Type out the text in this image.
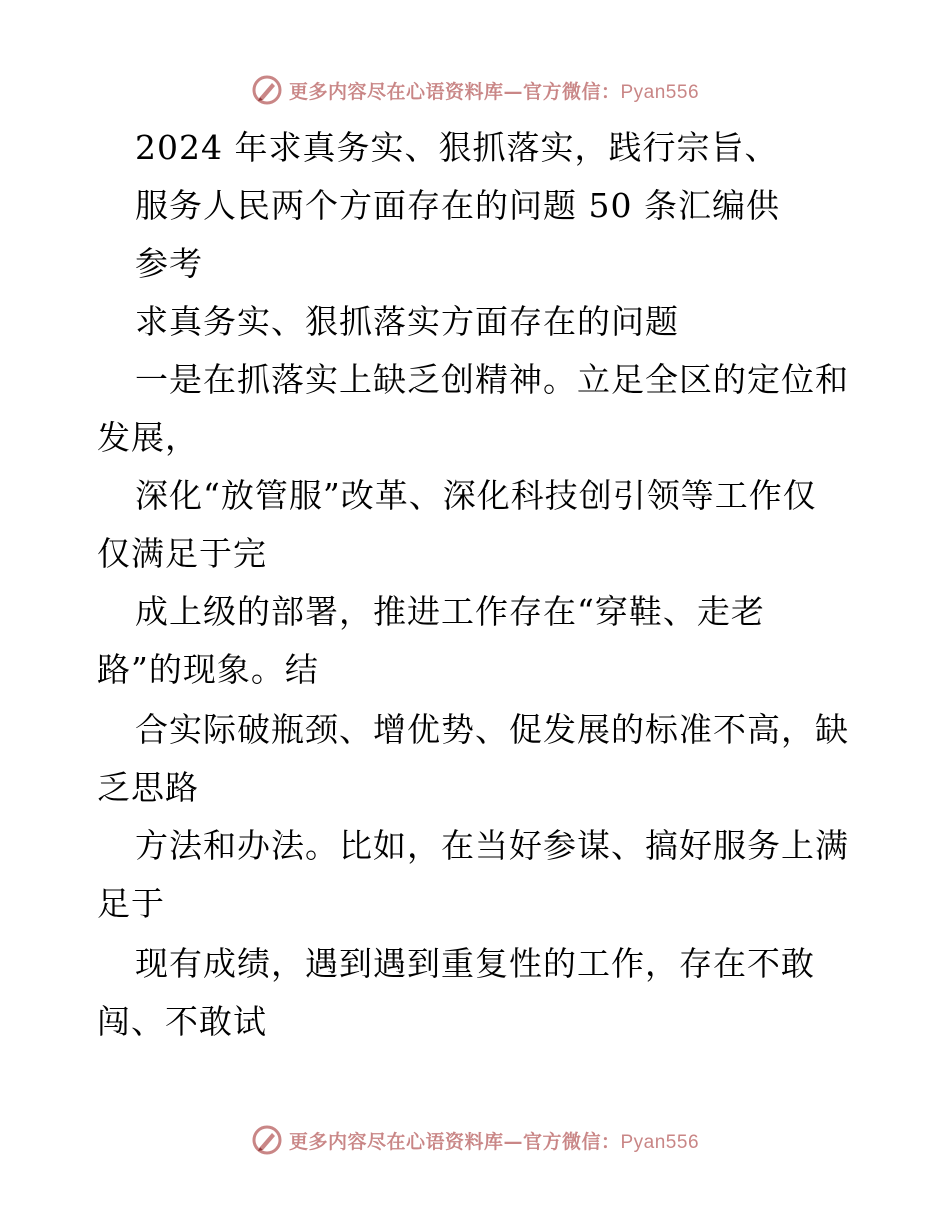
更多内容尽在心语资料库—官方微信：Pyan556
2024 年求真务实、狠抓落实，践行宗旨、
服务人民两个方面存在的问题 50 条汇编供
参考
求真务实、狠抓落实方面存在的问题
一是在抓落实上缺乏创精神。立足全区的定位和
发展，
深化“放管服”改革、深化科技创引领等工作仅
仅满足于完
成上级的部署，推进工作存在“穿鞋、走老
路”的现象。结
合实际破瓶颈、增优势、促发展的标准不高，缺
乏思路
方法和办法。比如，在当好参谋、搞好服务上满
足于
现有成绩，遇到遇到重复性的工作，存在不敢
闯、不敢试
更多内容尽在心语资料库—官方微信：Pyan556
